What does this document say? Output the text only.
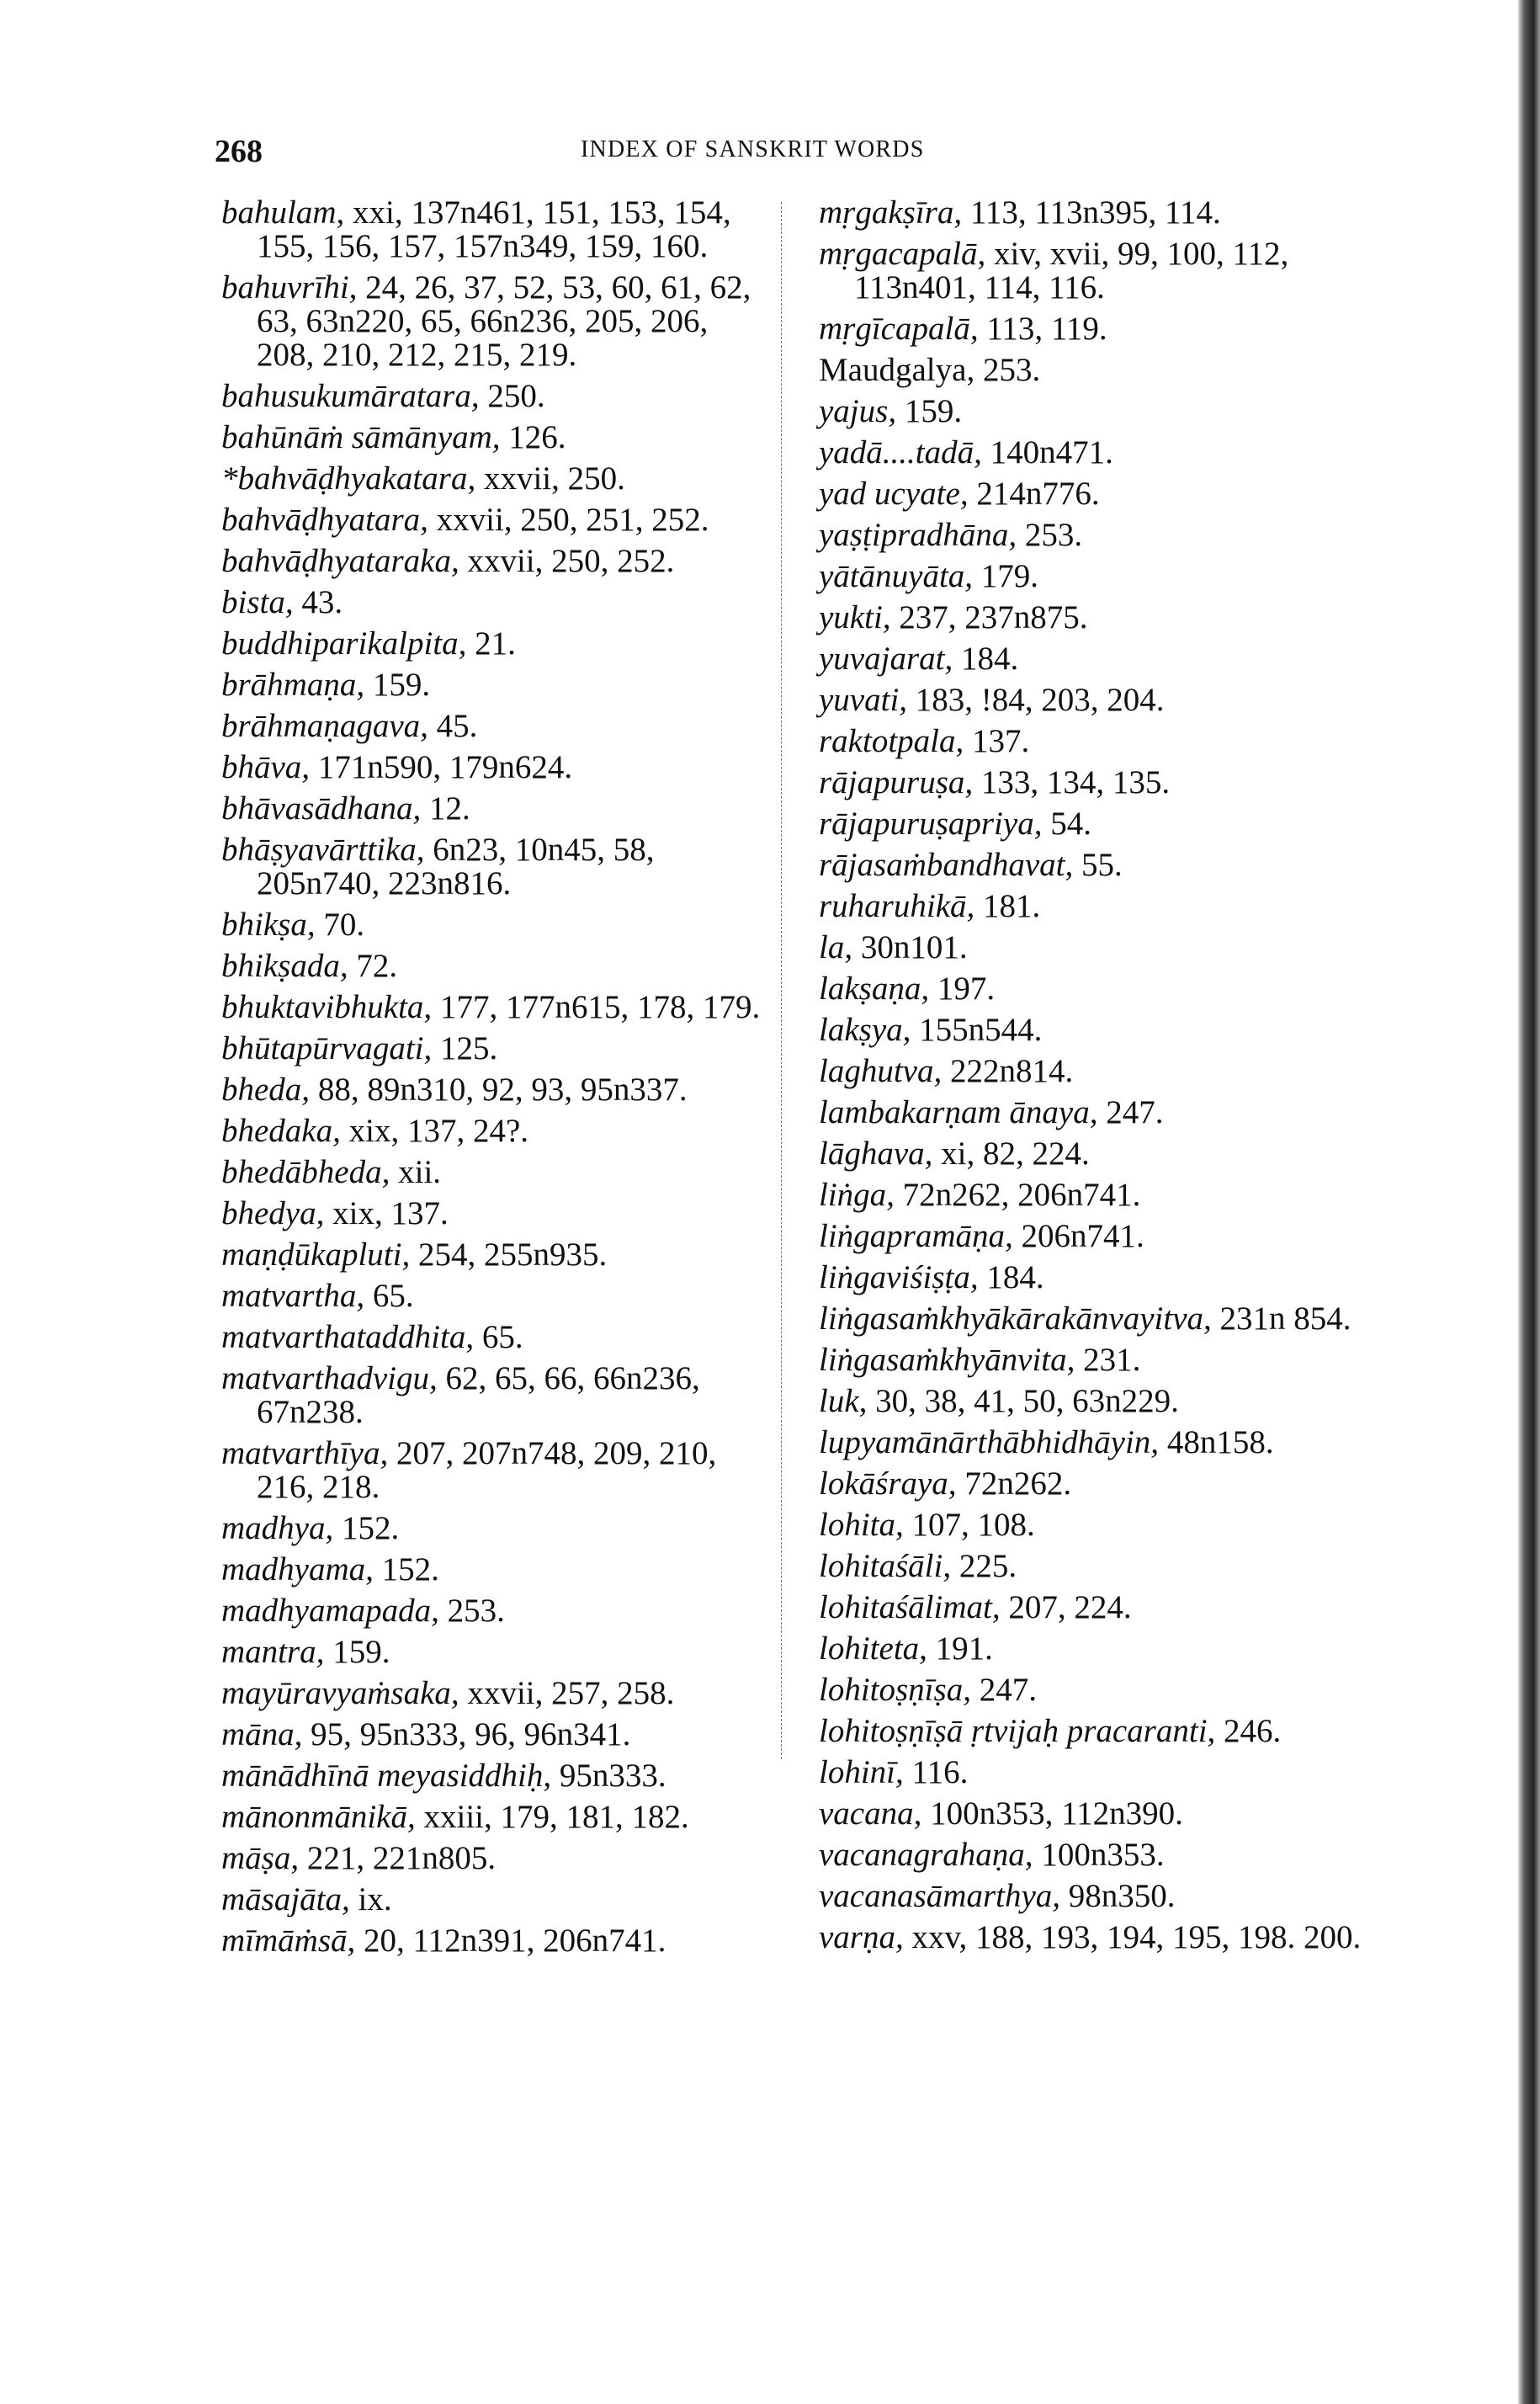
268	INDEX OF SANSKRIT WORDS
bahulam, xxi, 137n461, 151, 153, 154, 155, 156, 157, 157n349, 159, 160.
bahuvrīhi, 24, 26, 37, 52, 53, 60, 61, 62, 63, 63n220, 65, 66n236, 205, 206, 208, 210, 212, 215, 219.
bahusukumāratara, 250.
bahūnāṁ sāmānyam, 126.
*bahvāḍhyakatara, xxvii, 250.
bahvāḍhyatara, xxvii, 250, 251, 252.
bahvāḍhyataraka, xxvii, 250, 252.
bista, 43.
buddhiparikalpita, 21.
brāhmaṇa, 159.
brāhmaṇagava, 45.
bhāva, 171n590, 179n624.
bhāvasādhana, 12.
bhāṣyavārttika, 6n23, 10n45, 58, 205n740, 223n816.
bhikṣa, 70.
bhikṣada, 72.
bhuktavibhukta, 177, 177n615, 178, 179.
bhūtapūrvagati, 125.
bheda, 88, 89n310, 92, 93, 95n337.
bhedaka, xix, 137, 24?.
bhedābheda, xii.
bhedya, xix, 137.
maṇḍūkapluti, 254, 255n935.
matvartha, 65.
matvarthataddhita, 65.
matvarthadvigu, 62, 65, 66, 66n236, 67n238.
matvarthīya, 207, 207n748, 209, 210, 216, 218.
madhya, 152.
madhyama, 152.
madhyamapada, 253.
mantra, 159.
mayūravyaṁsaka, xxvii, 257, 258.
māna, 95, 95n333, 96, 96n341.
mānādhīnā meyasiddhiḥ, 95n333.
mānonmānikā, xxiii, 179, 181, 182.
māṣa, 221, 221n805.
māsajāta, ix.
mīmāṁsā, 20, 112n391, 206n741.
mṛgakṣīra, 113, 113n395, 114.
mṛgacapalā, xiv, xvii, 99, 100, 112, 113n401, 114, 116.
mṛgīcapalā, 113, 119.
Maudgalya, 253.
yajus, 159.
yadā....tadā, 140n471.
yad ucyate, 214n776.
yaṣṭipradhāna, 253.
yātānuyāta, 179.
yukti, 237, 237n875.
yuvajarat, 184.
yuvati, 183, !84, 203, 204.
raktotpala, 137.
rājapuruṣa, 133, 134, 135.
rājapuruṣapriya, 54.
rājasaṁbandhavat, 55.
ruharuhikā, 181.
la, 30n101.
lakṣaṇa, 197.
lakṣya, 155n544.
laghutva, 222n814.
lambakarṇam ānaya, 247.
lāghava, xi, 82, 224.
liṅga, 72n262, 206n741.
liṅgapramāṇa, 206n741.
liṅgaviśiṣṭa, 184.
liṅgasaṁkhyākārakānvayitva, 231n 854.
liṅgasaṁkhyānvita, 231.
luk, 30, 38, 41, 50, 63n229.
lupyamānārthābhidhāyin, 48n158.
lokāśraya, 72n262.
lohita, 107, 108.
lohitaśāli, 225.
lohitaśālimat, 207, 224.
lohiteta, 191.
lohitoṣṇīṣa, 247.
lohitoṣṇīṣā ṛtvijaḥ pracaranti, 246.
lohinī, 116.
vacana, 100n353, 112n390.
vacanagrahaṇa, 100n353.
vacanasāmarthya, 98n350.
varṇa, xxv, 188, 193, 194, 195, 198. 200.
